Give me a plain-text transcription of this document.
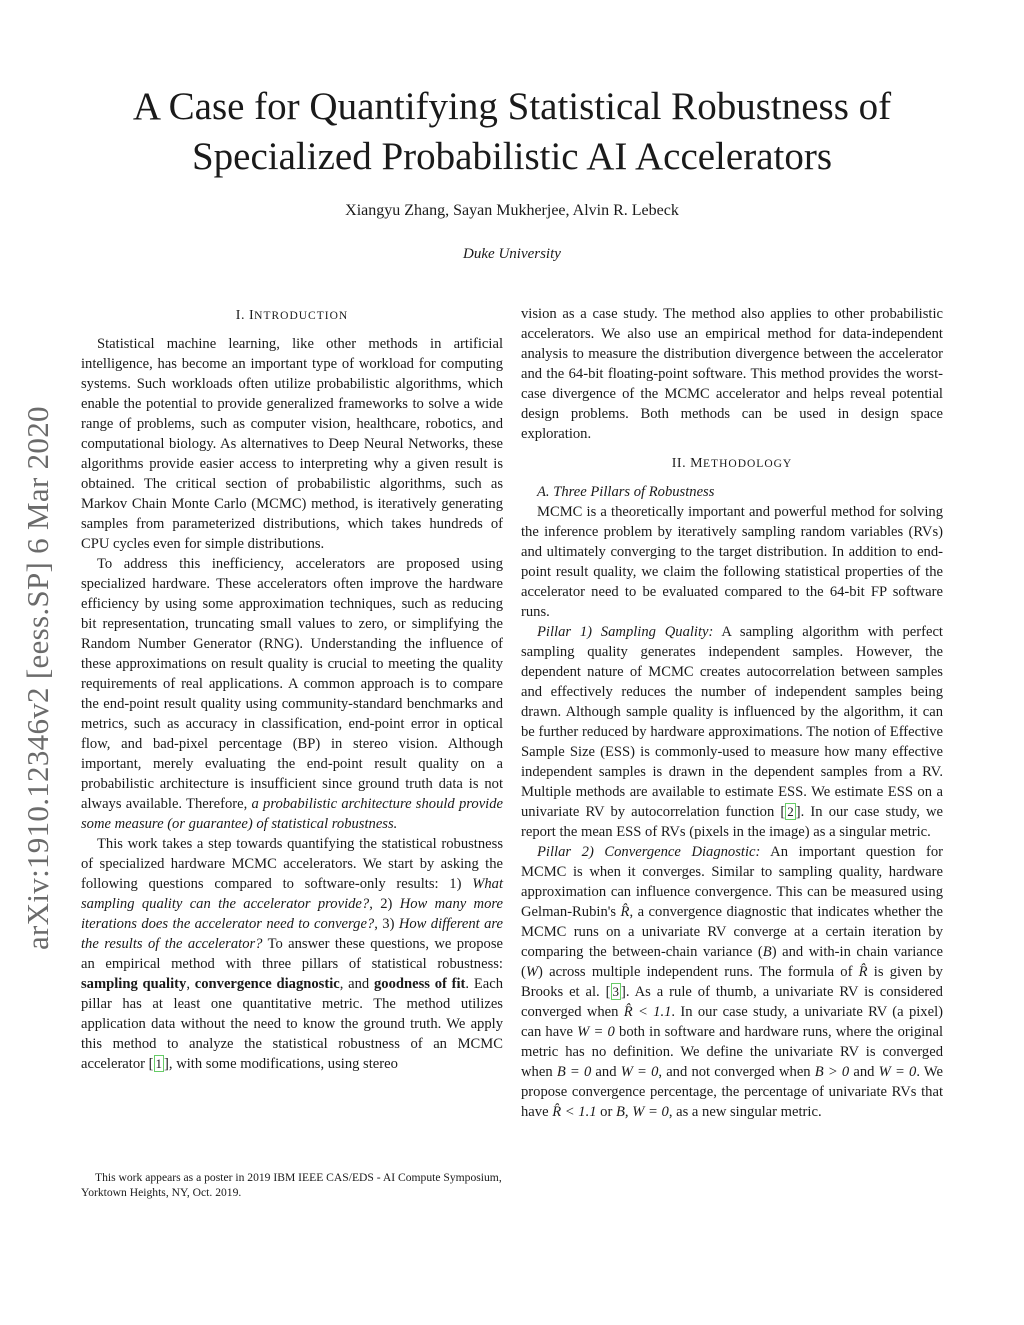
A Case for Quantifying Statistical Robustness of Specialized Probabilistic AI Accelerators
Xiangyu Zhang, Sayan Mukherjee, Alvin R. Lebeck
Duke University
arXiv:1910.12346v2 [eess.SP] 6 Mar 2020
I. INTRODUCTION

Statistical machine learning, like other methods in artificial intelligence, has become an important type of workload for computing systems. Such workloads often utilize probabilistic algorithms, which enable the potential to provide generalized frameworks to solve a wide range of problems, such as computer vision, healthcare, robotics, and computational biology. As alternatives to Deep Neural Networks, these algorithms provide easier access to interpreting why a given result is obtained. The critical section of probabilistic algorithms, such as Markov Chain Monte Carlo (MCMC) method, is iteratively generating samples from parameterized distributions, which takes hundreds of CPU cycles even for simple distributions.

To address this inefficiency, accelerators are proposed using specialized hardware. These accelerators often improve the hardware efficiency by using some approximation techniques, such as reducing bit representation, truncating small values to zero, or simplifying the Random Number Generator (RNG). Understanding the influence of these approximations on result quality is crucial to meeting the quality requirements of real applications. A common approach is to compare the end-point result quality using community-standard benchmarks and metrics, such as accuracy in classification, end-point error in optical flow, and bad-pixel percentage (BP) in stereo vision. Although important, merely evaluating the end-point result quality on a probabilistic architecture is insufficient since ground truth data is not always available. Therefore, a probabilistic architecture should provide some measure (or guarantee) of statistical robustness.

This work takes a step towards quantifying the statistical robustness of specialized hardware MCMC accelerators. We start by asking the following questions compared to software-only results: 1) What sampling quality can the accelerator provide?, 2) How many more iterations does the accelerator need to converge?, 3) How different are the results of the accelerator? To answer these questions, we propose an empirical method with three pillars of statistical robustness: sampling quality, convergence diagnostic, and goodness of fit. Each pillar has at least one quantitative metric. The method utilizes application data without the need to know the ground truth. We apply this method to analyze the statistical robustness of an MCMC accelerator [ 1 ], with some modifications, using stereo

This work appears as a poster in 2019 IBM IEEE CAS/EDS - AI Compute Symposium, Yorktown Heights, NY, Oct. 2019.

vision as a case study. The method also applies to other probabilistic accelerators. We also use an empirical method for data-independent analysis to measure the distribution divergence between the accelerator and the 64-bit floating-point software. This method provides the worst-case divergence of the MCMC accelerator and helps reveal potential design problems. Both methods can be used in design space exploration.

II. METHODOLOGY

A. Three Pillars of Robustness

MCMC is a theoretically important and powerful method for solving the inference problem by iteratively sampling random variables (RVs) and ultimately converging to the target distribution. In addition to end-point result quality, we claim the following statistical properties of the accelerator need to be evaluated compared to the 64-bit FP software runs.

Pillar 1) Sampling Quality: A sampling algorithm with perfect sampling quality generates independent samples. However, the dependent nature of MCMC creates autocorrelation between samples and effectively reduces the number of independent samples being drawn. Although sample quality is influenced by the algorithm, it can be further reduced by hardware approximations. The notion of Effective Sample Size (ESS) is commonly-used to measure how many effective independent samples is drawn in the dependent samples from a RV. Multiple methods are available to estimate ESS. We estimate ESS on a univariate RV by autocorrelation function [ 2 ]. In our case study, we report the mean ESS of RVs (pixels in the image) as a singular metric.

Pillar 2) Convergence Diagnostic: An important question for MCMC is when it converges. Similar to sampling quality, hardware approximation can influence convergence. This can be measured using Gelman-Rubin's R̂, a convergence diagnostic that indicates whether the MCMC runs on a univariate RV converge at a certain iteration by comparing the between-chain variance (B) and with-in chain variance (W) across multiple independent runs. The formula of R̂ is given by Brooks et al. [ 3 ]. As a rule of thumb, a univariate RV is considered converged when R̂ < 1.1. In our case study, a univariate RV (a pixel) can have W = 0 both in software and hardware runs, where the original metric has no definition. We define the univariate RV is converged when B = 0 and W = 0, and not converged when B > 0 and W = 0. We propose convergence percentage, the percentage of univariate RVs that have R̂ < 1.1 or B, W = 0, as a new singular metric.
